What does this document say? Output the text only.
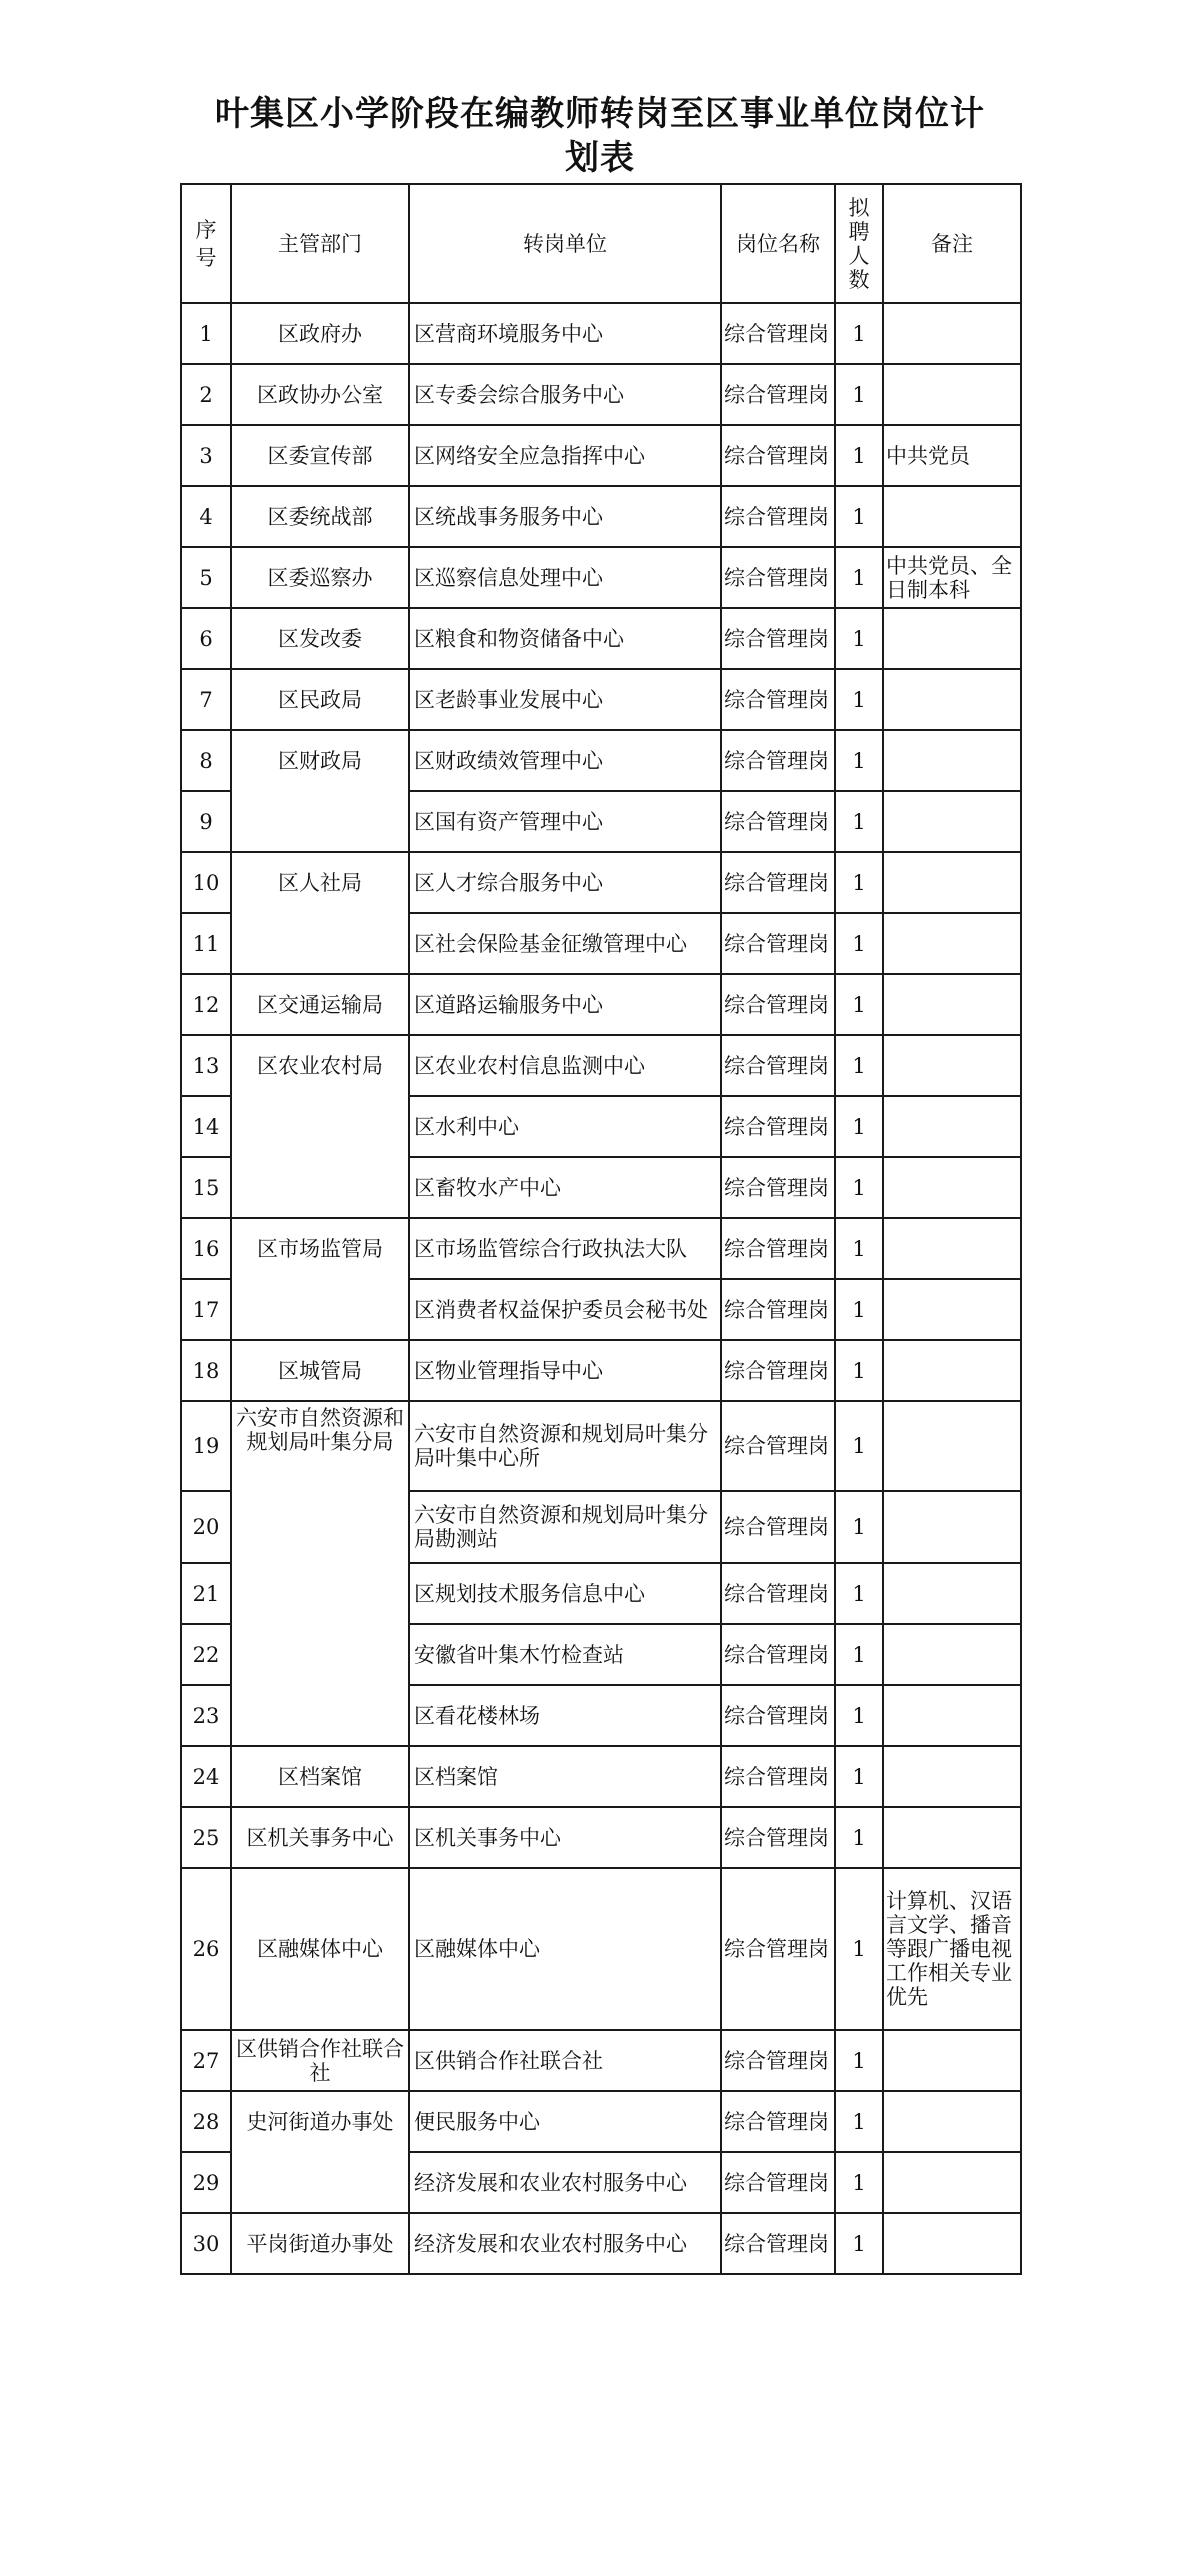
叶集区小学阶段在编教师转岗至区事业单位岗位计
划表
序号	主管部门	转岗单位	岗位名称	拟聘人数	备注
1	区政府办	区营商环境服务中心	综合管理岗	1	
2	区政协办公室	区专委会综合服务中心	综合管理岗	1	
3	区委宣传部	区网络安全应急指挥中心	综合管理岗	1	中共党员
4	区委统战部	区统战事务服务中心	综合管理岗	1	
5	区委巡察办	区巡察信息处理中心	综合管理岗	1	中共党员、全日制本科
6	区发改委	区粮食和物资储备中心	综合管理岗	1	
7	区民政局	区老龄事业发展中心	综合管理岗	1	
8	区财政局	区财政绩效管理中心	综合管理岗	1	
9		区国有资产管理中心	综合管理岗	1	
10	区人社局	区人才综合服务中心	综合管理岗	1	
11		区社会保险基金征缴管理中心	综合管理岗	1	
12	区交通运输局	区道路运输服务中心	综合管理岗	1	
13	区农业农村局	区农业农村信息监测中心	综合管理岗	1	
14		区水利中心	综合管理岗	1	
15		区畜牧水产中心	综合管理岗	1	
16	区市场监管局	区市场监管综合行政执法大队	综合管理岗	1	
17		区消费者权益保护委员会秘书处	综合管理岗	1	
18	区城管局	区物业管理指导中心	综合管理岗	1	
19	六安市自然资源和规划局叶集分局	六安市自然资源和规划局叶集分局叶集中心所	综合管理岗	1	
20		六安市自然资源和规划局叶集分局勘测站	综合管理岗	1	
21		区规划技术服务信息中心	综合管理岗	1	
22		安徽省叶集木竹检查站	综合管理岗	1	
23		区看花楼林场	综合管理岗	1	
24	区档案馆	区档案馆	综合管理岗	1	
25	区机关事务中心	区机关事务中心	综合管理岗	1	
26	区融媒体中心	区融媒体中心	综合管理岗	1	计算机、汉语言文学、播音等跟广播电视工作相关专业优先
27	区供销合作社联合社	区供销合作社联合社	综合管理岗	1	
28	史河街道办事处	便民服务中心	综合管理岗	1	
29		经济发展和农业农村服务中心	综合管理岗	1	
30	平岗街道办事处	经济发展和农业农村服务中心	综合管理岗	1	
